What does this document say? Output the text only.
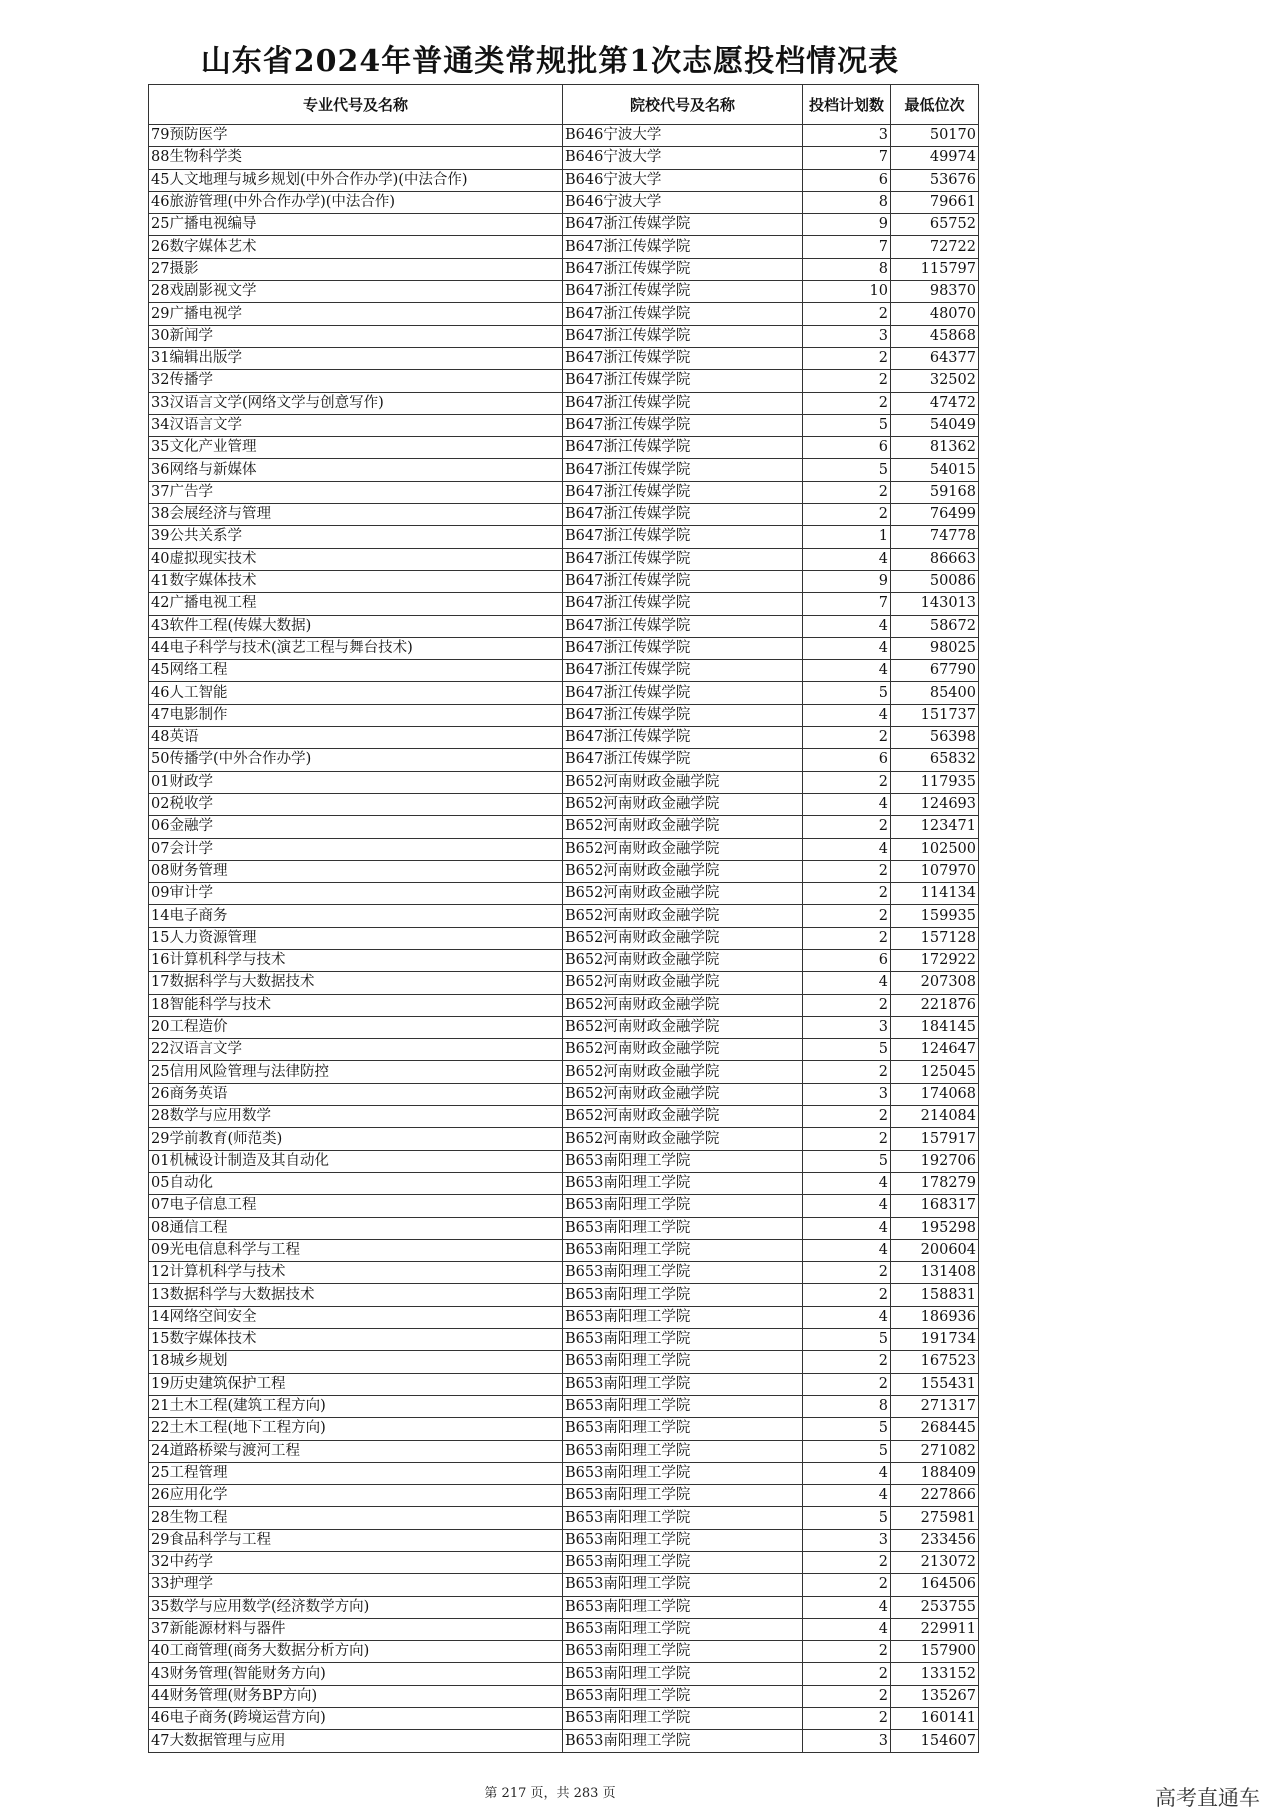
山东省2024年普通类常规批第1次志愿投档情况表
专业代号及名称	院校代号及名称	投档计划数	最低位次
79预防医学	B646宁波大学	3	50170
88生物科学类	B646宁波大学	7	49974
45人文地理与城乡规划(中外合作办学)(中法合作)	B646宁波大学	6	53676
46旅游管理(中外合作办学)(中法合作)	B646宁波大学	8	79661
25广播电视编导	B647浙江传媒学院	9	65752
26数字媒体艺术	B647浙江传媒学院	7	72722
27摄影	B647浙江传媒学院	8	115797
28戏剧影视文学	B647浙江传媒学院	10	98370
29广播电视学	B647浙江传媒学院	2	48070
30新闻学	B647浙江传媒学院	3	45868
31编辑出版学	B647浙江传媒学院	2	64377
32传播学	B647浙江传媒学院	2	32502
33汉语言文学(网络文学与创意写作)	B647浙江传媒学院	2	47472
34汉语言文学	B647浙江传媒学院	5	54049
35文化产业管理	B647浙江传媒学院	6	81362
36网络与新媒体	B647浙江传媒学院	5	54015
37广告学	B647浙江传媒学院	2	59168
38会展经济与管理	B647浙江传媒学院	2	76499
39公共关系学	B647浙江传媒学院	1	74778
40虚拟现实技术	B647浙江传媒学院	4	86663
41数字媒体技术	B647浙江传媒学院	9	50086
42广播电视工程	B647浙江传媒学院	7	143013
43软件工程(传媒大数据)	B647浙江传媒学院	4	58672
44电子科学与技术(演艺工程与舞台技术)	B647浙江传媒学院	4	98025
45网络工程	B647浙江传媒学院	4	67790
46人工智能	B647浙江传媒学院	5	85400
47电影制作	B647浙江传媒学院	4	151737
48英语	B647浙江传媒学院	2	56398
50传播学(中外合作办学)	B647浙江传媒学院	6	65832
01财政学	B652河南财政金融学院	2	117935
02税收学	B652河南财政金融学院	4	124693
06金融学	B652河南财政金融学院	2	123471
07会计学	B652河南财政金融学院	4	102500
08财务管理	B652河南财政金融学院	2	107970
09审计学	B652河南财政金融学院	2	114134
14电子商务	B652河南财政金融学院	2	159935
15人力资源管理	B652河南财政金融学院	2	157128
16计算机科学与技术	B652河南财政金融学院	6	172922
17数据科学与大数据技术	B652河南财政金融学院	4	207308
18智能科学与技术	B652河南财政金融学院	2	221876
20工程造价	B652河南财政金融学院	3	184145
22汉语言文学	B652河南财政金融学院	5	124647
25信用风险管理与法律防控	B652河南财政金融学院	2	125045
26商务英语	B652河南财政金融学院	3	174068
28数学与应用数学	B652河南财政金融学院	2	214084
29学前教育(师范类)	B652河南财政金融学院	2	157917
01机械设计制造及其自动化	B653南阳理工学院	5	192706
05自动化	B653南阳理工学院	4	178279
07电子信息工程	B653南阳理工学院	4	168317
08通信工程	B653南阳理工学院	4	195298
09光电信息科学与工程	B653南阳理工学院	4	200604
12计算机科学与技术	B653南阳理工学院	2	131408
13数据科学与大数据技术	B653南阳理工学院	2	158831
14网络空间安全	B653南阳理工学院	4	186936
15数字媒体技术	B653南阳理工学院	5	191734
18城乡规划	B653南阳理工学院	2	167523
19历史建筑保护工程	B653南阳理工学院	2	155431
21土木工程(建筑工程方向)	B653南阳理工学院	8	271317
22土木工程(地下工程方向)	B653南阳理工学院	5	268445
24道路桥梁与渡河工程	B653南阳理工学院	5	271082
25工程管理	B653南阳理工学院	4	188409
26应用化学	B653南阳理工学院	4	227866
28生物工程	B653南阳理工学院	5	275981
29食品科学与工程	B653南阳理工学院	3	233456
32中药学	B653南阳理工学院	2	213072
33护理学	B653南阳理工学院	2	164506
35数学与应用数学(经济数学方向)	B653南阳理工学院	4	253755
37新能源材料与器件	B653南阳理工学院	4	229911
40工商管理(商务大数据分析方向)	B653南阳理工学院	2	157900
43财务管理(智能财务方向)	B653南阳理工学院	2	133152
44财务管理(财务BP方向)	B653南阳理工学院	2	135267
46电子商务(跨境运营方向)	B653南阳理工学院	2	160141
47大数据管理与应用	B653南阳理工学院	3	154607
第 217 页，共 283 页	高考直通车
